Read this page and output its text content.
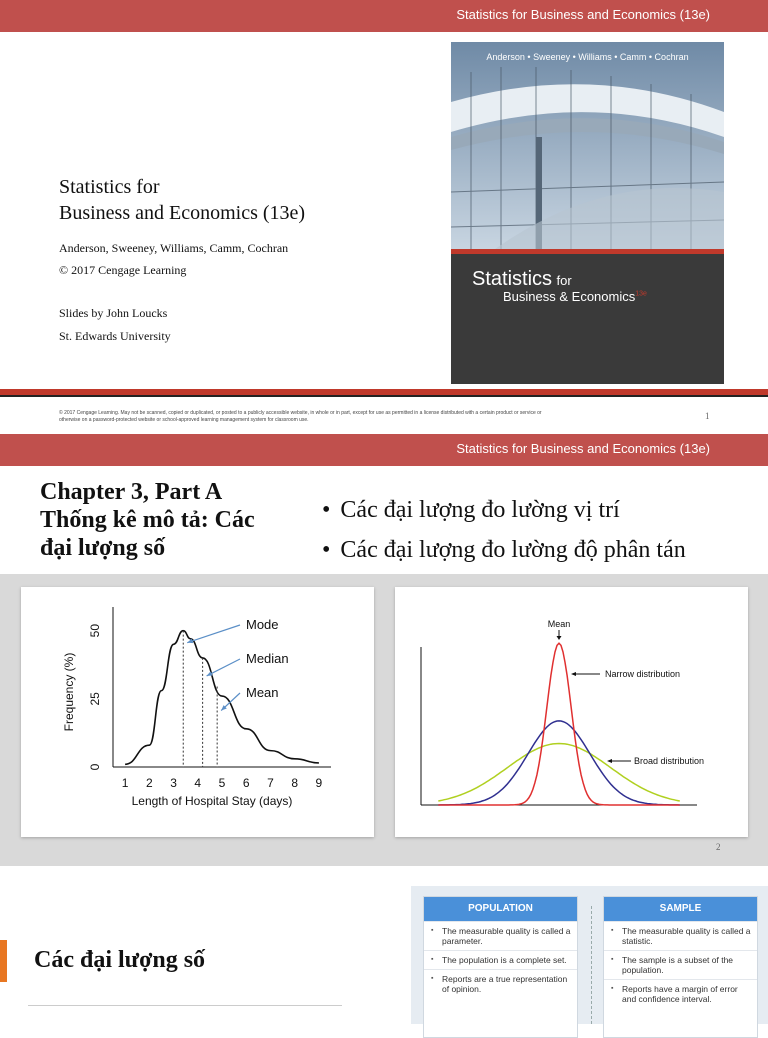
Statistics for Business and Economics (13e)
Statistics for
Business and Economics (13e)
Anderson, Sweeney, Williams, Camm, Cochran
© 2017 Cengage Learning
Slides by John Loucks
St. Edwards University
Anderson • Sweeney • Williams • Camm • Cochran
Statistics for
Business & Economics$^{13e}$
© 2017 Cengage Learning. May not be scanned, copied or duplicated, or posted to a publicly accessible website, in whole or in part, except for use as permitted in a license distributed with a certain product or service or
otherwise on a password-protected website or school-approved learning management system for classroom use.	1
Statistics for Business and Economics (13e)
Chapter 3, Part A
Thống kê mô tả: Các
đại lượng số
• Các đại lượng đo lường vị trí
• Các đại lượng đo lường độ phân tán
1 2 3 4 5 6 7 8 9
0
25
50
Length of Hospital Stay (days)
Frequency (%)
Mode
Median
Mean
Mean
Narrow distribution
Broad distribution
2
Các đại lượng số
POPULATION
▪ The measurable quality is called a parameter.
▪ The population is a complete set.
▪ Reports are a true representation of opinion.
SAMPLE
▪ The measurable quality is called a statistic.
▪ The sample is a subset of the population.
▪ Reports have a margin of error and confidence interval.
